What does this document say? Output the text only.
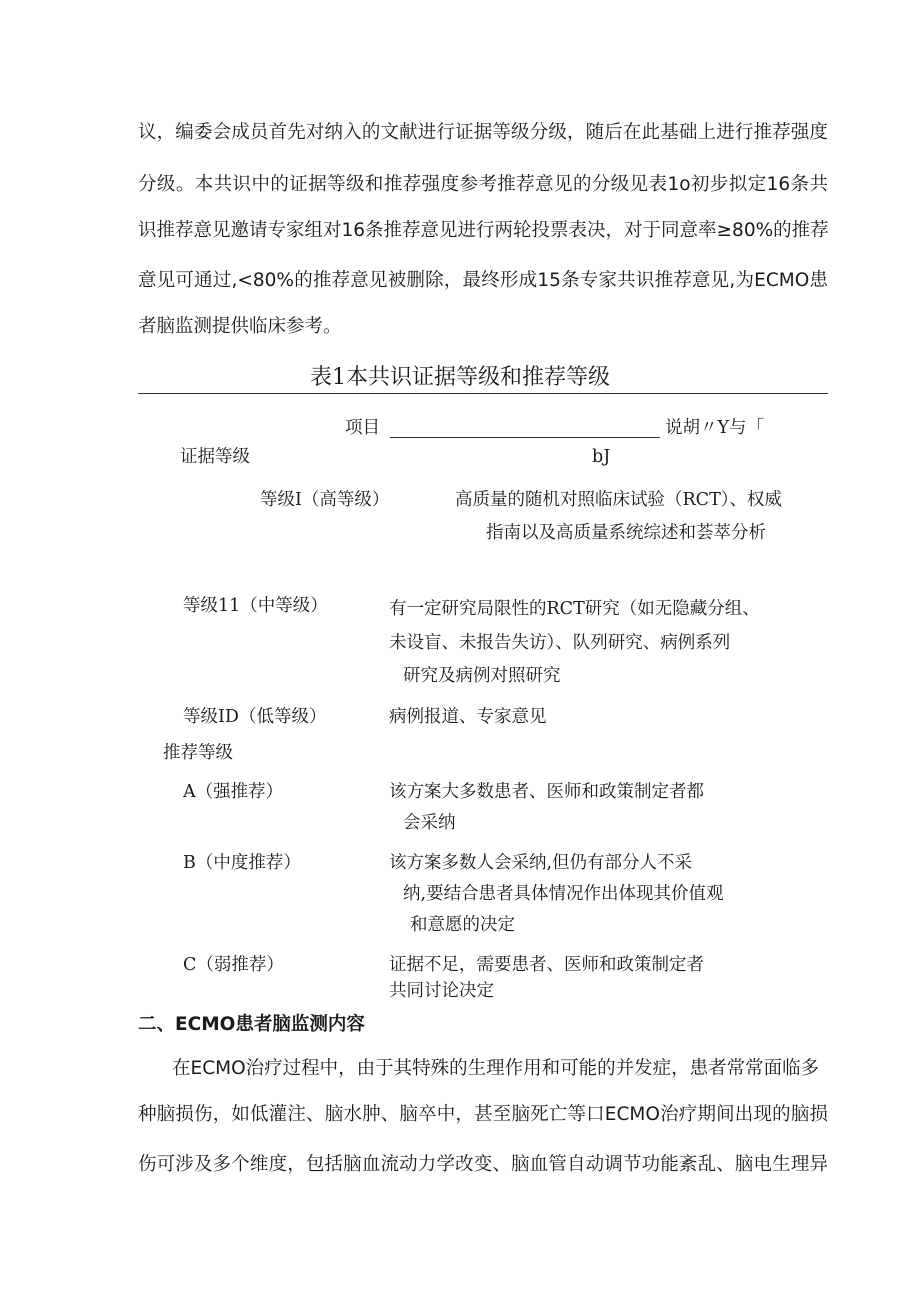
议，编委会成员首先对纳入的文献进行证据等级分级，随后在此基础上进行推荐强度
分级。本共识中的证据等级和推荐强度参考推荐意见的分级见表1o初步拟定16条共
识推荐意见邀请专家组对16条推荐意见进行两轮投票表决，对于同意率≥80%的推荐
意见可通过,<80%的推荐意见被删除，最终形成15条专家共识推荐意见,为ECMO患
者脑监测提供临床参考。
表1本共识证据等级和推荐等级
项目	说胡〃Y与「
bJ
证据等级
等级I（高等级）	高质量的随机对照临床试验（RCT）、权威
指南以及高质量系统综述和荟萃分析
等级11（中等级）	有一定研究局限性的RCT研究（如无隐藏分组、
未设盲、未报告失访）、队列研究、病例系列
研究及病例对照研究
等级ID（低等级）	病例报道、专家意见
推荐等级
A（强推荐）	该方案大多数患者、医师和政策制定者都
会采纳
B（中度推荐）	该方案多数人会采纳,但仍有部分人不采
纳,要结合患者具体情况作出体现其价值观
和意愿的决定
C（弱推荐）	证据不足，需要患者、医师和政策制定者
共同讨论决定
二、ECMO患者脑监测内容
在ECMO治疗过程中，由于其特殊的生理作用和可能的并发症，患者常常面临多
种脑损伤，如低灌注、脑水肿、脑卒中，甚至脑死亡等口ECMO治疗期间出现的脑损
伤可涉及多个维度，包括脑血流动力学改变、脑血管自动调节功能紊乱、脑电生理异
